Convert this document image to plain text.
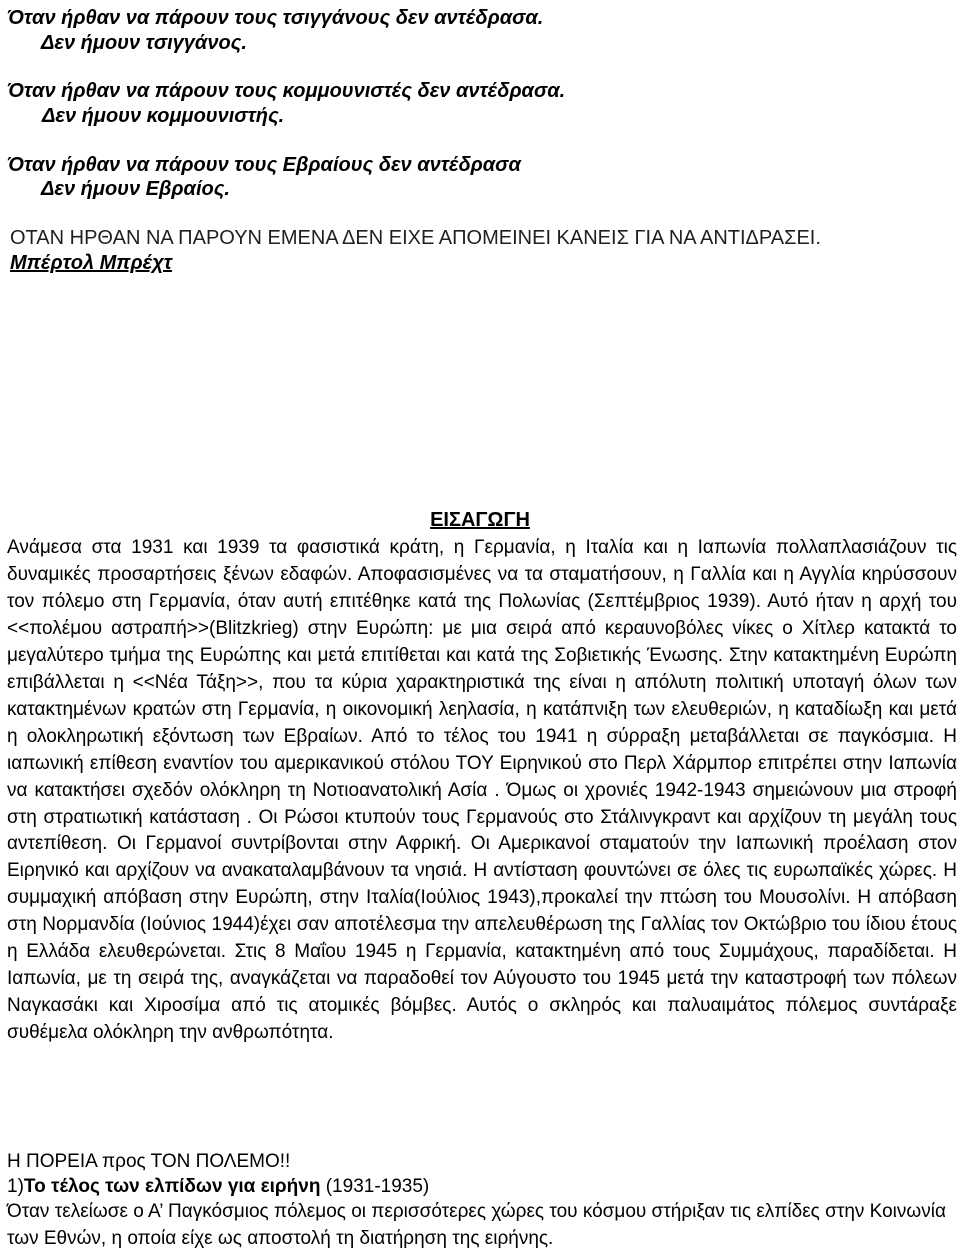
Όταν ήρθαν να πάρουν τους τσιγγάνους δεν αντέδρασα.

Δεν ήμουν τσιγγάνος.

Όταν ήρθαν να πάρουν τους κομμουνιστές δεν αντέδρασα.

Δεν ήμουν κομμουνιστής.

Όταν ήρθαν να πάρουν τους Εβραίους δεν αντέδρασα

Δεν ήμουν Εβραίος.

ΟΤΑΝ ΗΡΘΑΝ ΝΑ ΠΑΡΟΥΝ ΕΜΕΝΑ ΔΕΝ ΕΙΧΕ ΑΠΟΜΕΙΝΕΙ ΚΑΝΕΙΣ ΓΙΑ ΝΑ ΑΝΤΙΔΡΑΣΕΙ.

Μπέρτολ Μπρέχτ

ΕΙΣΑΓΩΓΗ

Ανάμεσα στα 1931 και 1939 τα φασιστικά κράτη, η Γερμανία, η Ιταλία και η Ιαπωνία πολλαπλασιάζουν τις δυναμικές προσαρτήσεις ξένων εδαφών. Αποφασισμένες να τα σταματήσουν, η Γαλλία και η Αγγλία κηρύσσουν τον πόλεμο στη Γερμανία, όταν αυτή επιτέθηκε κατά της Πολωνίας (Σεπτέμβριος 1939). Αυτό ήταν η αρχή του <<πολέμου αστραπή>>(Blitzkrieg) στην Ευρώπη: με μια σειρά από κεραυνοβόλες νίκες ο Χίτλερ κατακτά το μεγαλύτερο τμήμα της Ευρώπης και μετά επιτίθεται και κατά της Σοβιετικής Ένωσης. Στην κατακτημένη Ευρώπη επιβάλλεται η <<Νέα Τάξη>>, που τα κύρια χαρακτηριστικά της είναι η απόλυτη πολιτική υποταγή όλων των κατακτημένων κρατών στη Γερμανία, η οικονομική λεηλασία, η κατάπνιξη των ελευθεριών, η καταδίωξη και μετά η ολοκληρωτική εξόντωση των Εβραίων. Από το τέλος του 1941 η σύρραξη μεταβάλλεται σε παγκόσμια. Η ιαπωνική επίθεση εναντίον του αμερικανικού στόλου ΤΟΥ Ειρηνικού στο Περλ Χάρμπορ επιτρέπει στην Ιαπωνία να κατακτήσει σχεδόν ολόκληρη τη Νοτιοανατολική Ασία . Όμως οι χρονιές 1942-1943 σημειώνουν μια στροφή στη στρατιωτική κατάσταση . Οι Ρώσοι κτυπούν τους Γερμανούς στο Στάλινγκραντ και αρχίζουν τη μεγάλη τους αντεπίθεση. Οι Γερμανοί συντρίβονται στην Αφρική. Οι Αμερικανοί σταματούν την Ιαπωνική προέλαση στον Ειρηνικό και αρχίζουν να ανακαταλαμβάνουν τα νησιά. Η αντίσταση φουντώνει σε όλες τις ευρωπαϊκές χώρες. Η συμμαχική απόβαση στην Ευρώπη, στην Ιταλία(Ιούλιος 1943),προκαλεί την πτώση του Μουσολίνι. Η απόβαση στη Νορμανδία (Ιούνιος 1944)έχει σαν αποτέλεσμα την απελευθέρωση της Γαλλίας τον Οκτώβριο του ίδιου έτους η Ελλάδα ελευθερώνεται. Στις 8 Μαΐου 1945 η Γερμανία, κατακτημένη από τους Συμμάχους, παραδίδεται. Η Ιαπωνία, με τη σειρά της, αναγκάζεται να παραδοθεί τον Αύγουστο του 1945 μετά την καταστροφή των πόλεων Ναγκασάκι και Χιροσίμα από τις ατομικές βόμβες. Αυτός ο σκληρός και παλυαιμάτος πόλεμος συντάραξε συθέμελα ολόκληρη την ανθρωπότητα.

Η ΠΟΡΕΙΑ προς ΤΟΝ ΠΟΛΕΜΟ!!

1)Το τέλος των ελπίδων για ειρήνη (1931-1935)

Όταν τελείωσε ο Α’ Παγκόσμιος πόλεμος οι περισσότερες χώρες του κόσμου στήριξαν τις ελπίδες στην Κοινωνία των Εθνών, η οποία είχε ως αποστολή τη διατήρηση της ειρήνης.
